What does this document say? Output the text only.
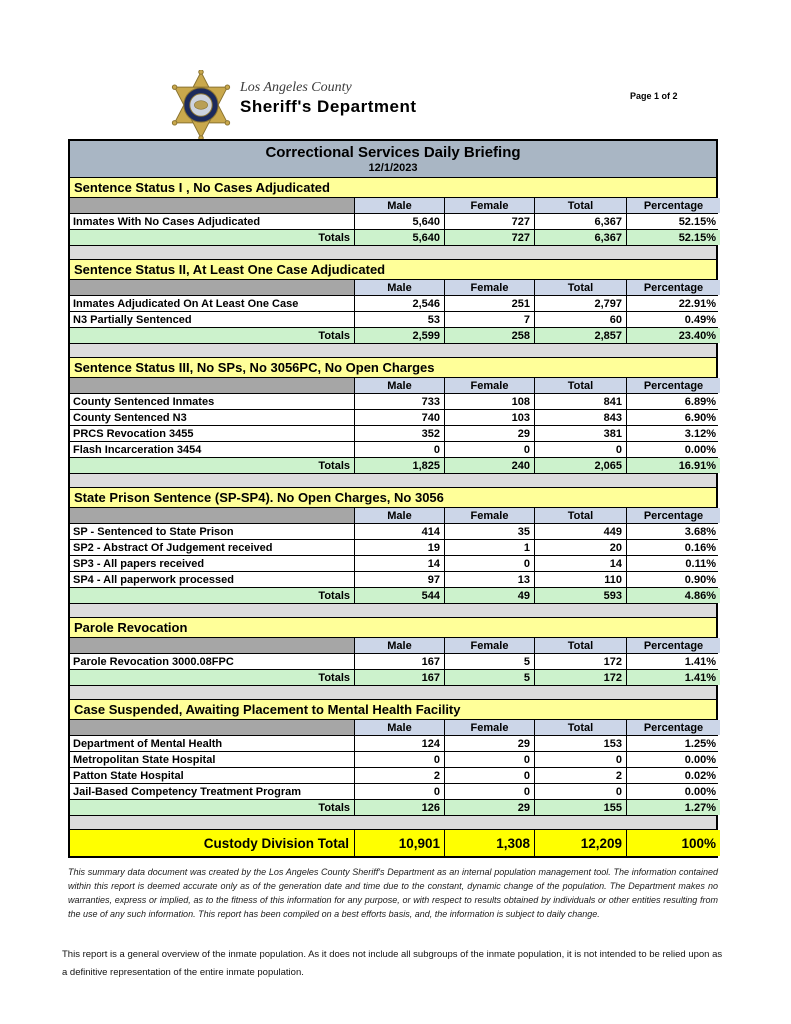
Los Angeles County
Sheriff's Department
Page 1 of 2
Correctional Services Daily Briefing
12/1/2023
Sentence Status I , No Cases Adjudicated
Male	Female	Total	Percentage
Inmates With No Cases Adjudicated	5,640	727	6,367	52.15%
Totals	5,640	727	6,367	52.15%
Sentence Status II, At Least One Case Adjudicated
Male	Female	Total	Percentage
Inmates Adjudicated On At Least One Case	2,546	251	2,797	22.91%
N3 Partially Sentenced	53	7	60	0.49%
Totals	2,599	258	2,857	23.40%
Sentence Status III, No SPs, No 3056PC, No Open Charges
Male	Female	Total	Percentage
County Sentenced Inmates	733	108	841	6.89%
County Sentenced N3	740	103	843	6.90%
PRCS Revocation 3455	352	29	381	3.12%
Flash Incarceration 3454	0	0	0	0.00%
Totals	1,825	240	2,065	16.91%
State Prison Sentence (SP-SP4). No Open Charges, No 3056
Male	Female	Total	Percentage
SP - Sentenced to State Prison	414	35	449	3.68%
SP2 - Abstract Of Judgement received	19	1	20	0.16%
SP3 - All papers received	14	0	14	0.11%
SP4 - All paperwork processed	97	13	110	0.90%
Totals	544	49	593	4.86%
Parole Revocation
Male	Female	Total	Percentage
Parole Revocation 3000.08FPC	167	5	172	1.41%
Totals	167	5	172	1.41%
Case Suspended, Awaiting Placement to Mental Health Facility
Male	Female	Total	Percentage
Department of Mental Health	124	29	153	1.25%
Metropolitan State Hospital	0	0	0	0.00%
Patton State Hospital	2	0	2	0.02%
Jail-Based Competency Treatment Program	0	0	0	0.00%
Totals	126	29	155	1.27%
Custody Division Total	10,901	1,308	12,209	100%

This summary data document was created by the Los Angeles County Sheriff's Department as an internal population management tool. The information contained within this report is deemed accurate only as of the generation date and time due to the constant, dynamic change of the population. The Department makes no warranties, express or implied, as to the fitness of this information for any purpose, or with respect to results obtained by individuals or other entities resulting from the use of any such information. This report has been compiled on a best efforts basis, and, the information is subject to daily change.

This report is a general overview of the inmate population. As it does not include all subgroups of the inmate population, it is not intended to be relied upon as a definitive representation of the entire inmate population.
